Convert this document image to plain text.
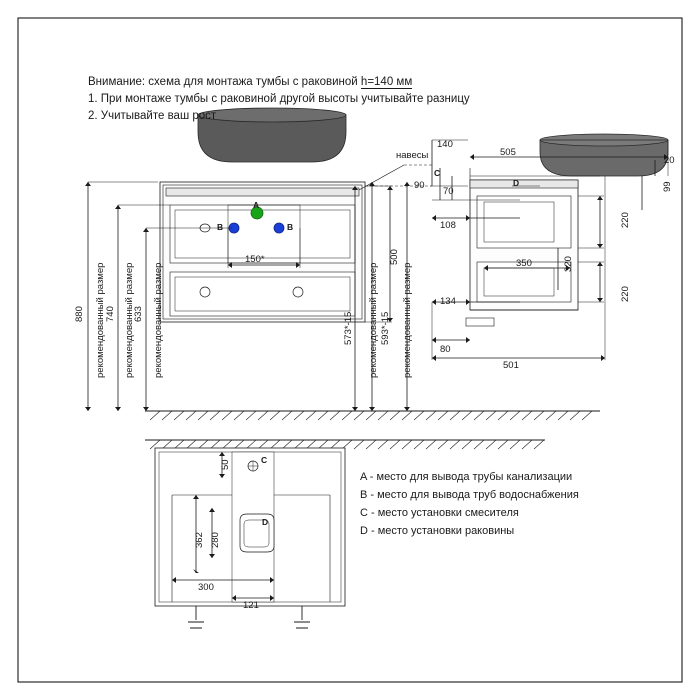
Внимание: схема для монтажа тумбы с раковиной h=140 мм
1. При монтаже тумбы с раковиной другой высоты учитывайте разницу
2. Учитывайте ваш рост
навесы
A
B	B
C
D
C
D
880 740 633
150*	500
573*-15	593*-15
рекомендованный размер рекомендованный размер рекомендованный размер	рекомендованный размер рекомендованный размер
140
90
70
108
134
80
505
20
99
220
350	320
220
501
50
362 280
300
121
A - место для вывода трубы канализации
B - место для вывода труб водоснабжения
C - место установки смесителя
D - место установки раковины
